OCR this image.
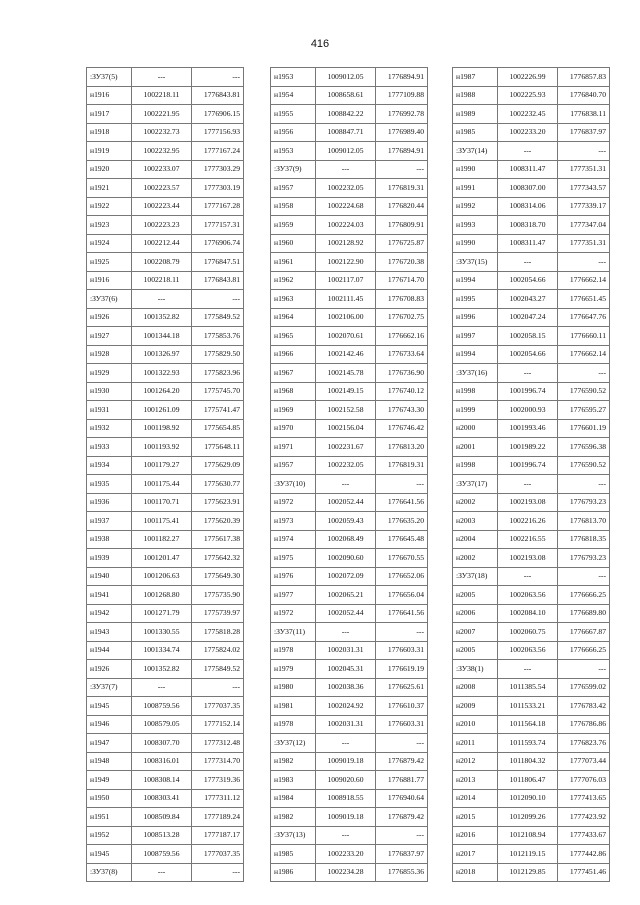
416
:ЗУ37(5)	---	---
н1916	1002218.11	1776843.81
н1917	1002221.95	1776906.15
н1918	1002232.73	1777156.93
н1919	1002232.95	1777167.24
н1920	1002233.07	1777303.29
н1921	1002223.57	1777303.19
н1922	1002223.44	1777167.28
н1923	1002223.23	1777157.31
н1924	1002212.44	1776906.74
н1925	1002208.79	1776847.51
н1916	1002218.11	1776843.81
:ЗУ37(6)	---	---
н1926	1001352.82	1775849.52
н1927	1001344.18	1775853.76
н1928	1001326.97	1775829.50
н1929	1001322.93	1775823.96
н1930	1001264.20	1775745.70
н1931	1001261.09	1775741.47
н1932	1001198.92	1775654.85
н1933	1001193.92	1775648.11
н1934	1001179.27	1775629.09
н1935	1001175.44	1775630.77
н1936	1001170.71	1775623.91
н1937	1001175.41	1775620.39
н1938	1001182.27	1775617.38
н1939	1001201.47	1775642.32
н1940	1001206.63	1775649.30
н1941	1001268.80	1775735.90
н1942	1001271.79	1775739.97
н1943	1001330.55	1775818.28
н1944	1001334.74	1775824.02
н1926	1001352.82	1775849.52
:ЗУ37(7)	---	---
н1945	1008759.56	1777037.35
н1946	1008579.05	1777152.14
н1947	1008307.70	1777312.48
н1948	1008316.01	1777314.70
н1949	1008308.14	1777319.36
н1950	1008303.41	1777311.12
н1951	1008509.84	1777189.24
н1952	1008513.28	1777187.17
н1945	1008759.56	1777037.35
:ЗУ37(8)	---	---
н1953	1009012.05	1776894.91
н1954	1008658.61	1777109.88
н1955	1008842.22	1776992.78
н1956	1008847.71	1776989.40
н1953	1009012.05	1776894.91
:ЗУ37(9)	---	---
н1957	1002232.05	1776819.31
н1958	1002224.68	1776820.44
н1959	1002224.03	1776809.91
н1960	1002128.92	1776725.87
н1961	1002122.90	1776720.38
н1962	1002117.07	1776714.70
н1963	1002111.45	1776708.83
н1964	1002106.00	1776702.75
н1965	1002070.61	1776662.16
н1966	1002142.46	1776733.64
н1967	1002145.78	1776736.90
н1968	1002149.15	1776740.12
н1969	1002152.58	1776743.30
н1970	1002156.04	1776746.42
н1971	1002231.67	1776813.20
н1957	1002232.05	1776819.31
:ЗУ37(10)	---	---
н1972	1002052.44	1776641.56
н1973	1002059.43	1776635.20
н1974	1002068.49	1776645.48
н1975	1002090.60	1776670.55
н1976	1002072.09	1776652.06
н1977	1002065.21	1776656.04
н1972	1002052.44	1776641.56
:ЗУ37(11)	---	---
н1978	1002031.31	1776603.31
н1979	1002045.31	1776619.19
н1980	1002038.36	1776625.61
н1981	1002024.92	1776610.37
н1978	1002031.31	1776603.31
:ЗУ37(12)	---	---
н1982	1009019.18	1776879.42
н1983	1009020.60	1776881.77
н1984	1008918.55	1776940.64
н1982	1009019.18	1776879.42
:ЗУ37(13)	---	---
н1985	1002233.20	1776837.97
н1986	1002234.28	1776855.36
н1987	1002226.99	1776857.83
н1988	1002225.93	1776840.70
н1989	1002232.45	1776838.11
н1985	1002233.20	1776837.97
:ЗУ37(14)	---	---
н1990	1008311.47	1777351.31
н1991	1008307.00	1777343.57
н1992	1008314.06	1777339.17
н1993	1008318.70	1777347.04
н1990	1008311.47	1777351.31
:ЗУ37(15)	---	---
н1994	1002054.66	1776662.14
н1995	1002043.27	1776651.45
н1996	1002047.24	1776647.76
н1997	1002058.15	1776660.11
н1994	1002054.66	1776662.14
:ЗУ37(16)	---	---
н1998	1001996.74	1776590.52
н1999	1002000.93	1776595.27
н2000	1001993.46	1776601.19
н2001	1001989.22	1776596.38
н1998	1001996.74	1776590.52
:ЗУ37(17)	---	---
н2002	1002193.08	1776793.23
н2003	1002216.26	1776813.70
н2004	1002216.55	1776818.35
н2002	1002193.08	1776793.23
:ЗУ37(18)	---	---
н2005	1002063.56	1776666.25
н2006	1002084.10	1776689.80
н2007	1002060.75	1776667.87
н2005	1002063.56	1776666.25
:ЗУ38(1)	---	---
н2008	1011385.54	1776599.02
н2009	1011533.21	1776783.42
н2010	1011564.18	1776786.86
н2011	1011593.74	1776823.76
н2012	1011804.32	1777073.44
н2013	1011806.47	1777076.03
н2014	1012090.10	1777413.65
н2015	1012099.26	1777423.92
н2016	1012108.94	1777433.67
н2017	1012119.15	1777442.86
н2018	1012129.85	1777451.46
